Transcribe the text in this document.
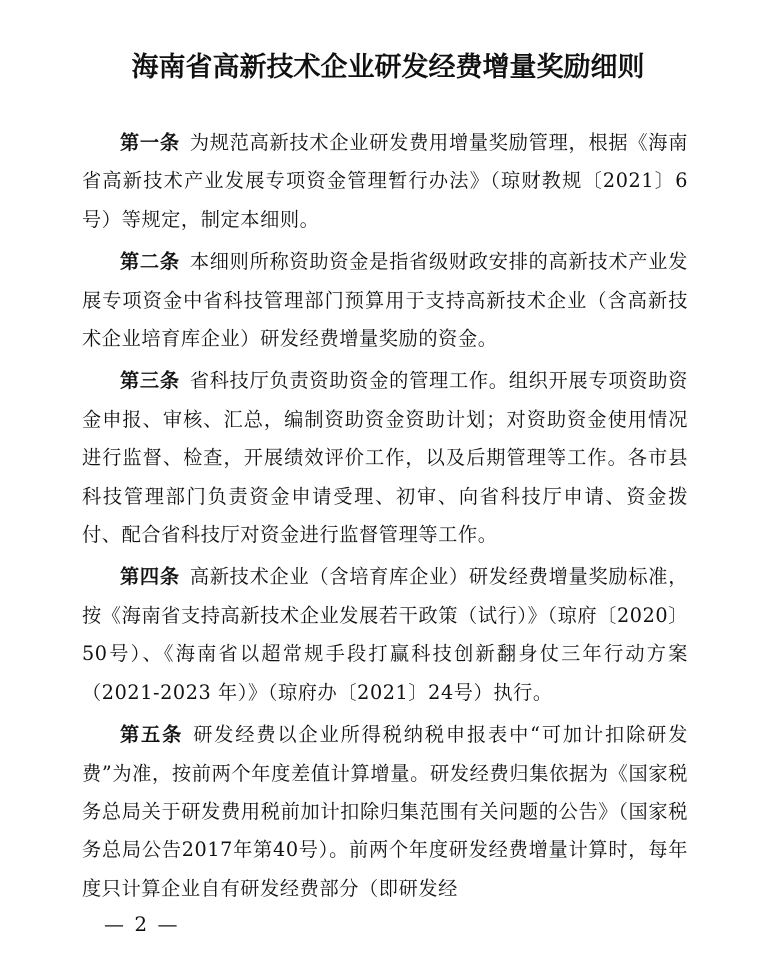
海南省高新技术企业研发经费增量奖励细则

第一条 为规范高新技术企业研发费用增量奖励管理，根据《海南省高新技术产业发展专项资金管理暂行办法》（琼财教规〔2021〕6号）等规定，制定本细则。

第二条 本细则所称资助资金是指省级财政安排的高新技术产业发展专项资金中省科技管理部门预算用于支持高新技术企业（含高新技术企业培育库企业）研发经费增量奖励的资金。

第三条 省科技厅负责资助资金的管理工作。组织开展专项资助资金申报、审核、汇总，编制资助资金资助计划；对资助资金使用情况进行监督、检查，开展绩效评价工作，以及后期管理等工作。各市县科技管理部门负责资金申请受理、初审、向省科技厅申请、资金拨付、配合省科技厅对资金进行监督管理等工作。

第四条 高新技术企业（含培育库企业）研发经费增量奖励标准，按《海南省支持高新技术企业发展若干政策（试行）》（琼府〔2020〕50号）、《海南省以超常规手段打赢科技创新翻身仗三年行动方案（2021-2023 年）》（琼府办〔2021〕24号）执行。

第五条 研发经费以企业所得税纳税申报表中“可加计扣除研发费”为准，按前两个年度差值计算增量。研发经费归集依据为《国家税务总局关于研发费用税前加计扣除归集范围有关问题的公告》（国家税务总局公告2017年第40号）。前两个年度研发经费增量计算时，每年度只计算企业自有研发经费部分（即研发经

— 2 —
